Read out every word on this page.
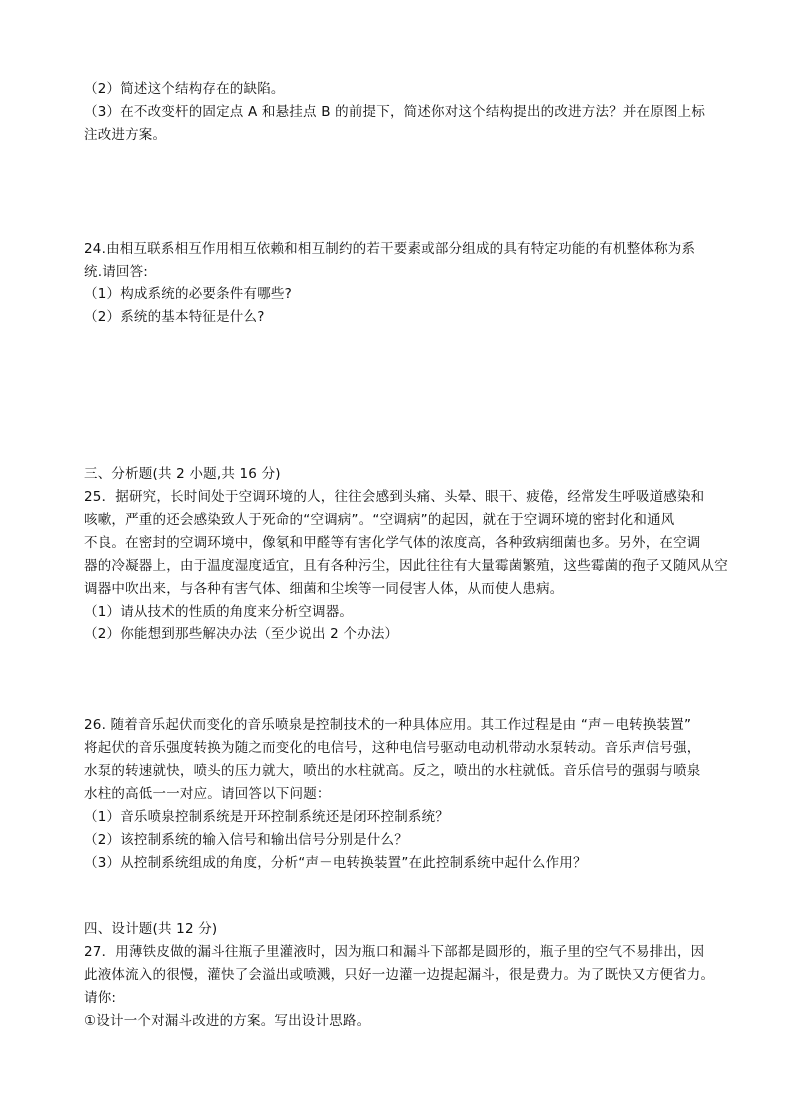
（2）简述这个结构存在的缺陷。
（3）在不改变杆的固定点 A 和悬挂点 B 的前提下，简述你对这个结构提出的改进方法？并在原图上标
注改进方案。
24.由相互联系相互作用相互依赖和相互制约的若干要素或部分组成的具有特定功能的有机整体称为系
统.请回答:
（1）构成系统的必要条件有哪些?
（2）系统的基本特征是什么?
三、分析题(共 2 小题,共 16 分)
25．据研究，长时间处于空调环境的人，往往会感到头痛、头晕、眼干、疲倦，经常发生呼吸道感染和
咳嗽，严重的还会感染致人于死命的“空调病”。“空调病”的起因，就在于空调环境的密封化和通风
不良。在密封的空调环境中，像氡和甲醛等有害化学气体的浓度高，各种致病细菌也多。另外，在空调
器的冷凝器上，由于温度湿度适宜，且有各种污尘，因此往往有大量霉菌繁殖，这些霉菌的孢子又随风从空
调器中吹出来，与各种有害气体、细菌和尘埃等一同侵害人体，从而使人患病。
（1）请从技术的性质的角度来分析空调器。
（2）你能想到那些解决办法（至少说出 2 个办法）
26. 随着音乐起伏而变化的音乐喷泉是控制技术的一种具体应用。其工作过程是由 “声－电转换装置”
将起伏的音乐强度转换为随之而变化的电信号，这种电信号驱动电动机带动水泵转动。音乐声信号强，
水泵的转速就快，喷头的压力就大，喷出的水柱就高。反之，喷出的水柱就低。音乐信号的强弱与喷泉
水柱的高低一一对应。请回答以下问题：
（1）音乐喷泉控制系统是开环控制系统还是闭环控制系统？
（2）该控制系统的输入信号和输出信号分别是什么？
（3）从控制系统组成的角度，分析“声－电转换装置”在此控制系统中起什么作用？
四、设计题(共 12 分)
27．用薄铁皮做的漏斗往瓶子里灌液时，因为瓶口和漏斗下部都是圆形的，瓶子里的空气不易排出，因
此液体流入的很慢，灌快了会溢出或喷溅，只好一边灌一边提起漏斗，很是费力。为了既快又方便省力。
请你:
①设计一个对漏斗改进的方案。写出设计思路。
